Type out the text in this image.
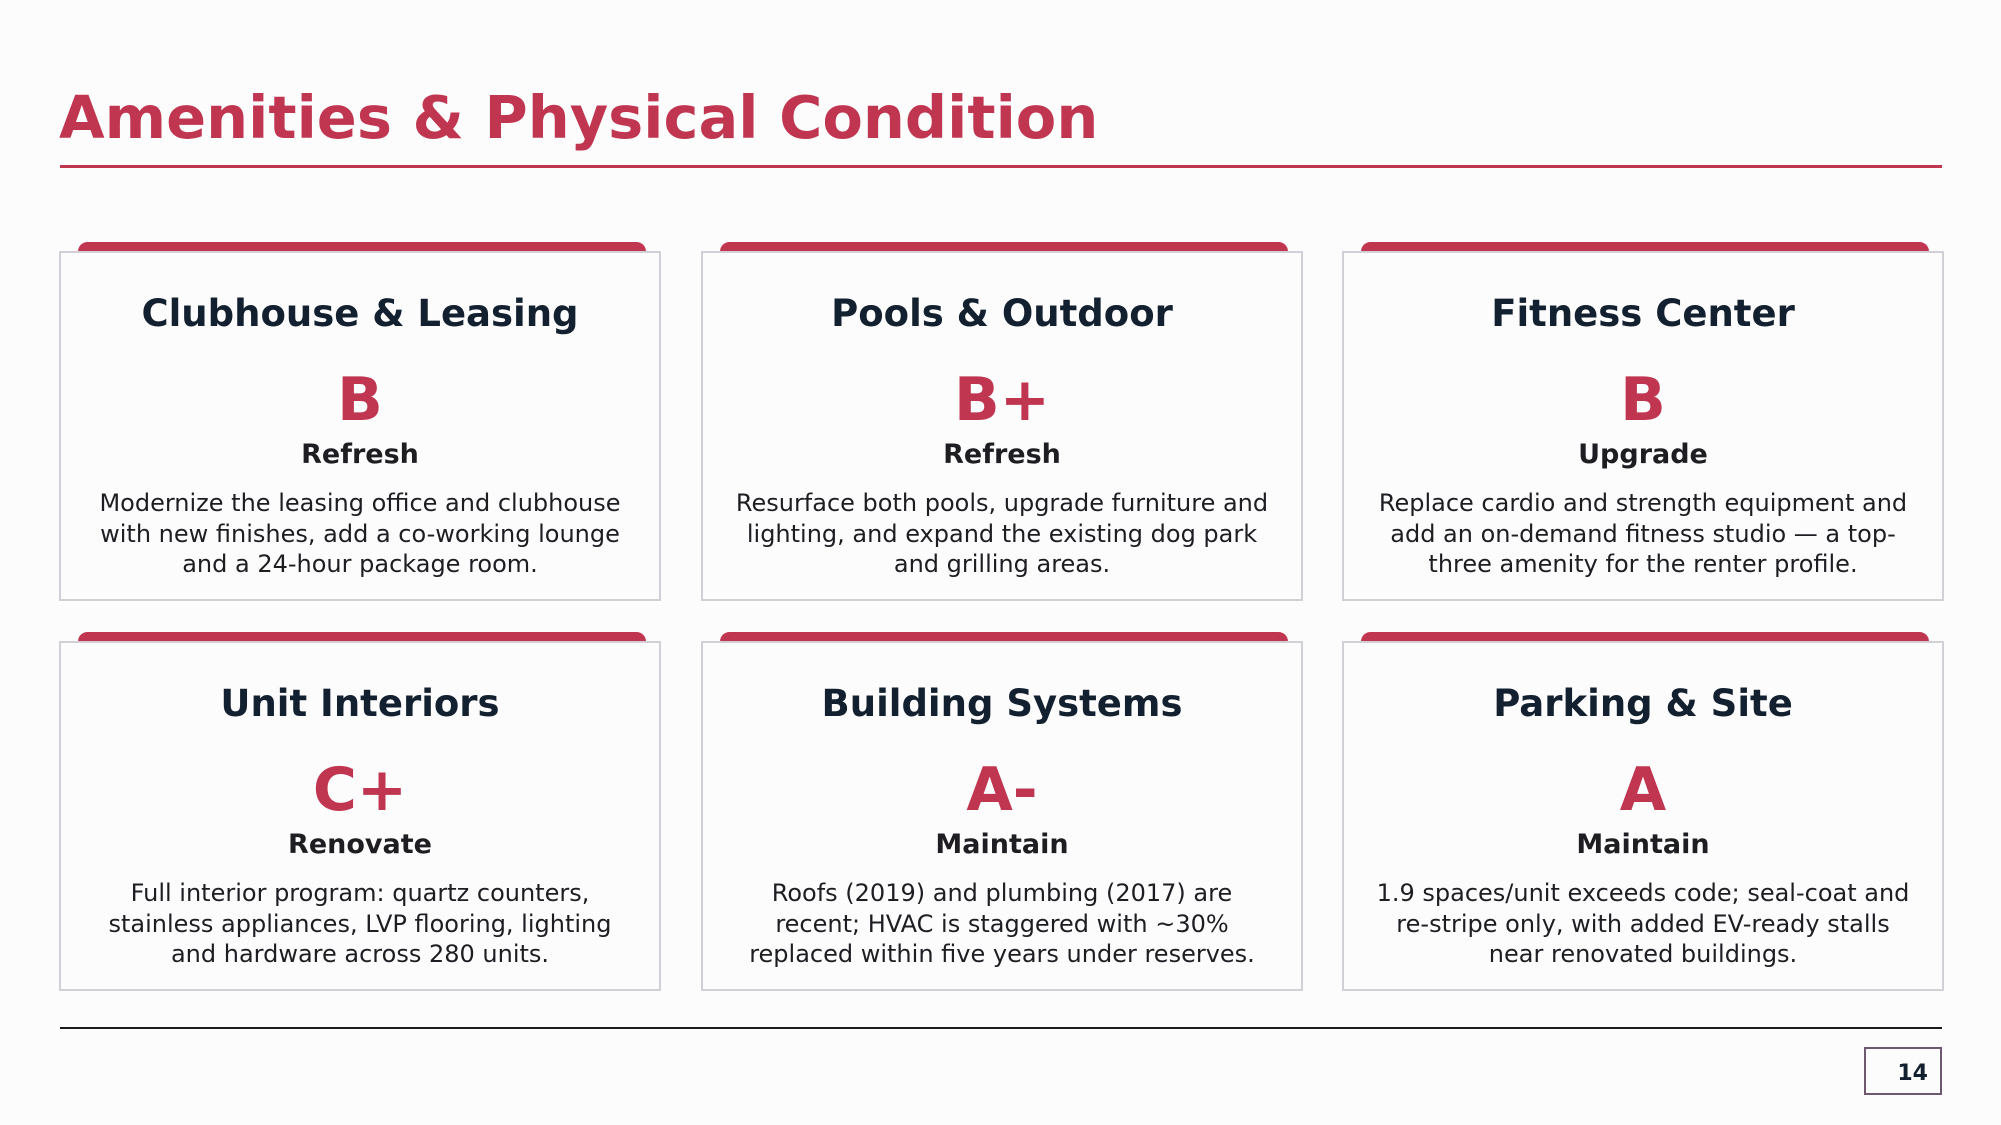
Amenities & Physical Condition
Clubhouse & Leasing
B
Refresh
Modernize the leasing office and clubhouse with new finishes, add a co-working lounge and a 24-hour package room.
Pools & Outdoor
B+
Refresh
Resurface both pools, upgrade furniture and lighting, and expand the existing dog park and grilling areas.
Fitness Center
B
Upgrade
Replace cardio and strength equipment and add an on-demand fitness studio — a top-three amenity for the renter profile.
Unit Interiors
C+
Renovate
Full interior program: quartz counters, stainless appliances, LVP flooring, lighting and hardware across 280 units.
Building Systems
A-
Maintain
Roofs (2019) and plumbing (2017) are recent; HVAC is staggered with ~30% replaced within five years under reserves.
Parking & Site
A
Maintain
1.9 spaces/unit exceeds code; seal-coat and re-stripe only, with added EV-ready stalls near renovated buildings.
14
